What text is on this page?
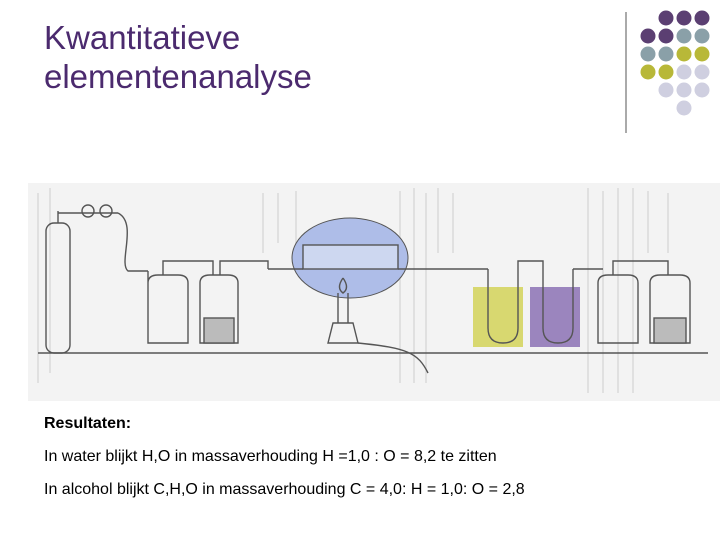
Kwantitatieve
elementenanalyse
Resultaten:
In water blijkt H,O in massaverhouding H =1,0 : O = 8,2 te zitten
In alcohol blijkt C,H,O in massaverhouding C = 4,0: H = 1,0: O = 2,8
